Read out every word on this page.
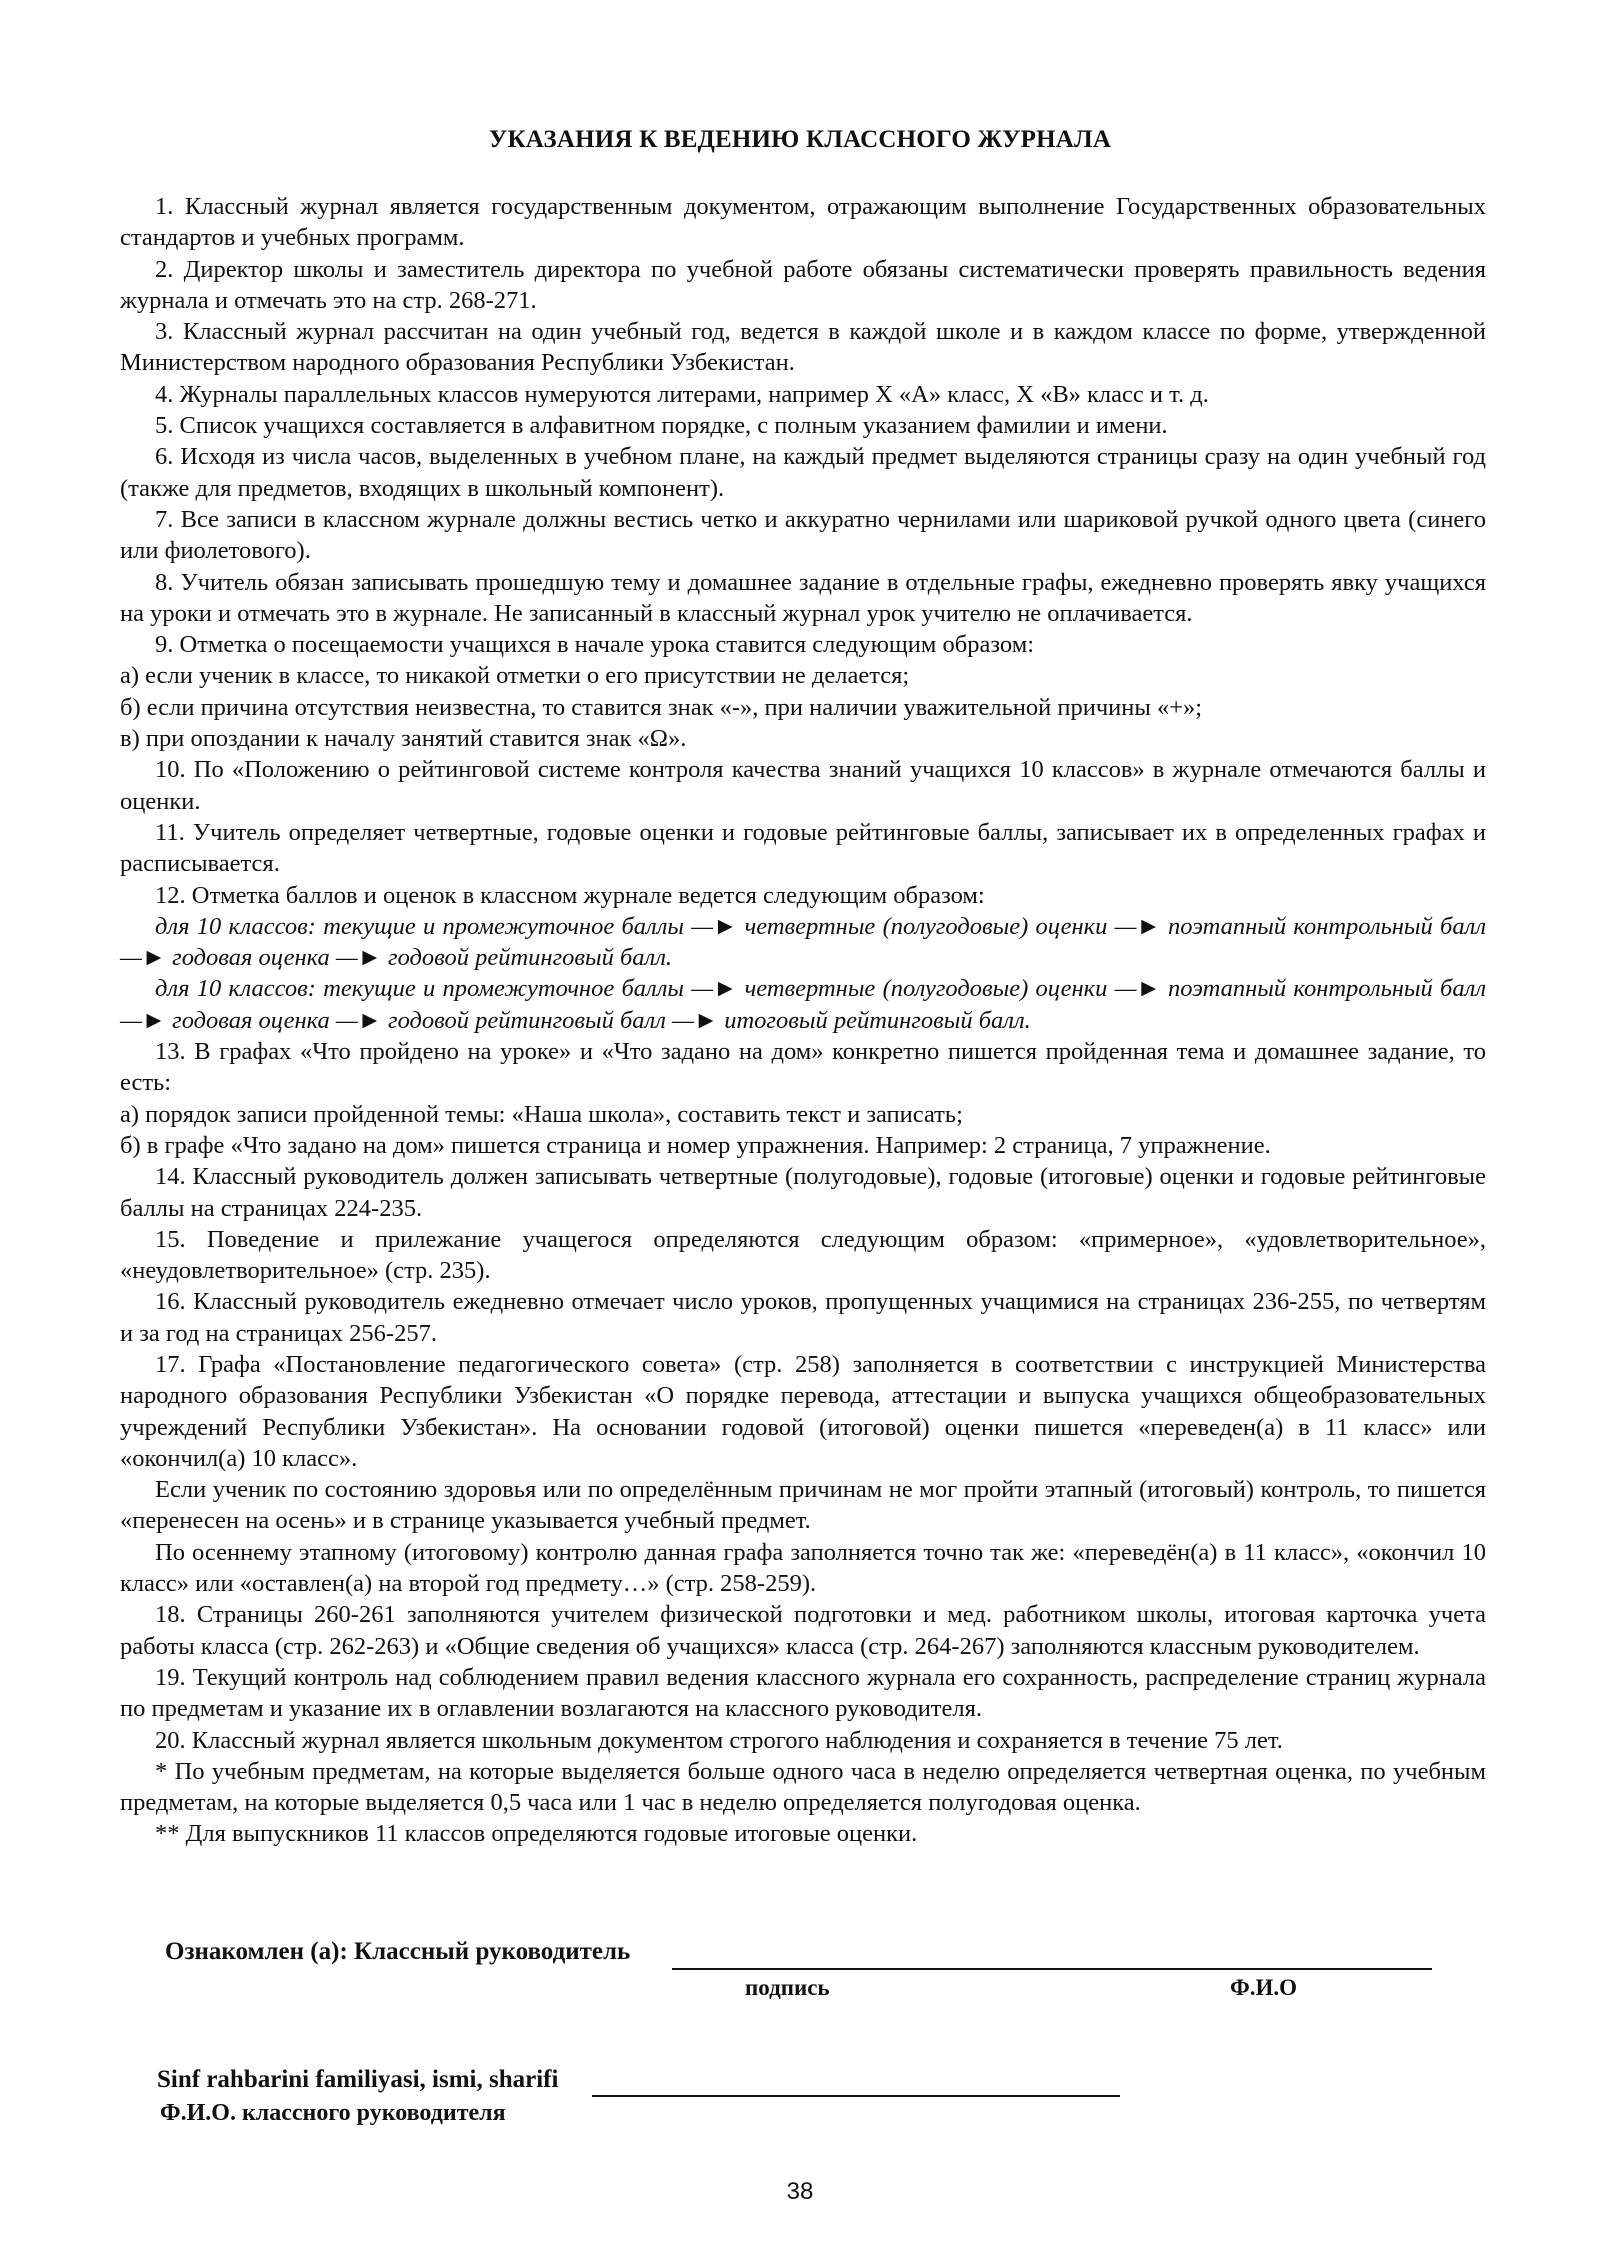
УКАЗАНИЯ К ВЕДЕНИЮ КЛАССНОГО ЖУРНАЛА

1. Классный журнал является государственным документом, отражающим выполнение Государственных образовательных стандартов и учебных программ.

2. Директор школы и заместитель директора по учебной работе обязаны систематически проверять правильность ведения журнала и отмечать это на стр. 268-271.

3. Классный журнал рассчитан на один учебный год, ведется в каждой школе и в каждом классе по форме, утвержденной Министерством народного образования Республики Узбекистан.

4. Журналы параллельных классов нумеруются литерами, например X «А» класс, X «В» класс и т. д.

5. Список учащихся составляется в алфавитном порядке, с полным указанием фамилии и имени.

6. Исходя из числа часов, выделенных в учебном плане, на каждый предмет выделяются страницы сразу на один учебный год (также для предметов, входящих в школьный компонент).

7. Все записи в классном журнале должны вестись четко и аккуратно чернилами или шариковой ручкой одного цвета (синего или фиолетового).

8. Учитель обязан записывать прошедшую тему и домашнее задание в отдельные графы, ежедневно проверять явку учащихся на уроки и отмечать это в журнале. Не записанный в классный журнал урок учителю не оплачивается.

9. Отметка о посещаемости учащихся в начале урока ставится следующим образом:

а) если ученик в классе, то никакой отметки о его присутствии не делается;

б) если причина отсутствия неизвестна, то ставится знак «-», при наличии уважительной причины «+»;

в) при опоздании к началу занятий ставится знак «Ω».

10. По «Положению о рейтинговой системе контроля качества знаний учащихся 10 классов» в журнале отмечаются баллы и оценки.

11. Учитель определяет четвертные, годовые оценки и годовые рейтинговые баллы, записывает их в определенных графах и расписывается.

12. Отметка баллов и оценок в классном журнале ведется следующим образом:

для 10 классов: текущие и промежуточное баллы —► четвертные (полугодовые) оценки —► поэтапный контрольный балл —► годовая оценка —► годовой рейтинговый балл.

для 10 классов: текущие и промежуточное баллы —► четвертные (полугодовые) оценки —► поэтапный контрольный балл —► годовая оценка —► годовой рейтинговый балл —► итоговый рейтинговый балл.

13. В графах «Что пройдено на уроке» и «Что задано на дом» конкретно пишется пройденная тема и домашнее задание, то есть:

а) порядок записи пройденной темы: «Наша школа», составить текст и записать;

б) в графе «Что задано на дом» пишется страница и номер упражнения. Например: 2 страница, 7 упражнение.

14. Классный руководитель должен записывать четвертные (полугодовые), годовые (итоговые) оценки и годовые рейтинговые баллы на страницах 224-235.

15. Поведение и прилежание учащегося определяются следующим образом: «примерное», «удовлетворительное», «неудовлетворительное» (стр. 235).

16. Классный руководитель ежедневно отмечает число уроков, пропущенных учащимися на страницах 236-255, по четвертям и за год на страницах 256-257.

17. Графа «Постановление педагогического совета» (стр. 258) заполняется в соответствии с инструкцией Министерства народного образования Республики Узбекистан «О порядке перевода, аттестации и выпуска учащихся общеобразовательных учреждений Республики Узбекистан». На основании годовой (итоговой) оценки пишется «переведен(а) в 11 класс» или «окончил(а) 10 класс».

Если ученик по состоянию здоровья или по определённым причинам не мог пройти этапный (итоговый) контроль, то пишется «перенесен на осень» и в странице указывается учебный предмет.

По осеннему этапному (итоговому) контролю данная графа заполняется точно так же: «переведён(а) в 11 класс», «окончил 10 класс» или «оставлен(а) на второй год предмету…» (стр. 258-259).

18. Страницы 260-261 заполняются учителем физической подготовки и мед. работником школы, итоговая карточка учета работы класса (стр. 262-263) и «Общие сведения об учащихся» класса (стр. 264-267) заполняются классным руководителем.

19. Текущий контроль над соблюдением правил ведения классного журнала его сохранность, распределение страниц журнала по предметам и указание их в оглавлении возлагаются на классного руководителя.

20. Классный журнал является школьным документом строгого наблюдения и сохраняется в течение 75 лет.

* По учебным предметам, на которые выделяется больше одного часа в неделю определяется четвертная оценка, по учебным предметам, на которые выделяется 0,5 часа или 1 час в неделю определяется полугодовая оценка.

** Для выпускников 11 классов определяются годовые итоговые оценки.

Ознакомлен (а): Классный руководитель
подпись	Ф.И.О
Sinf rahbarini familiyasi, ismi, sharifi
Ф.И.О. классного руководителя
38
